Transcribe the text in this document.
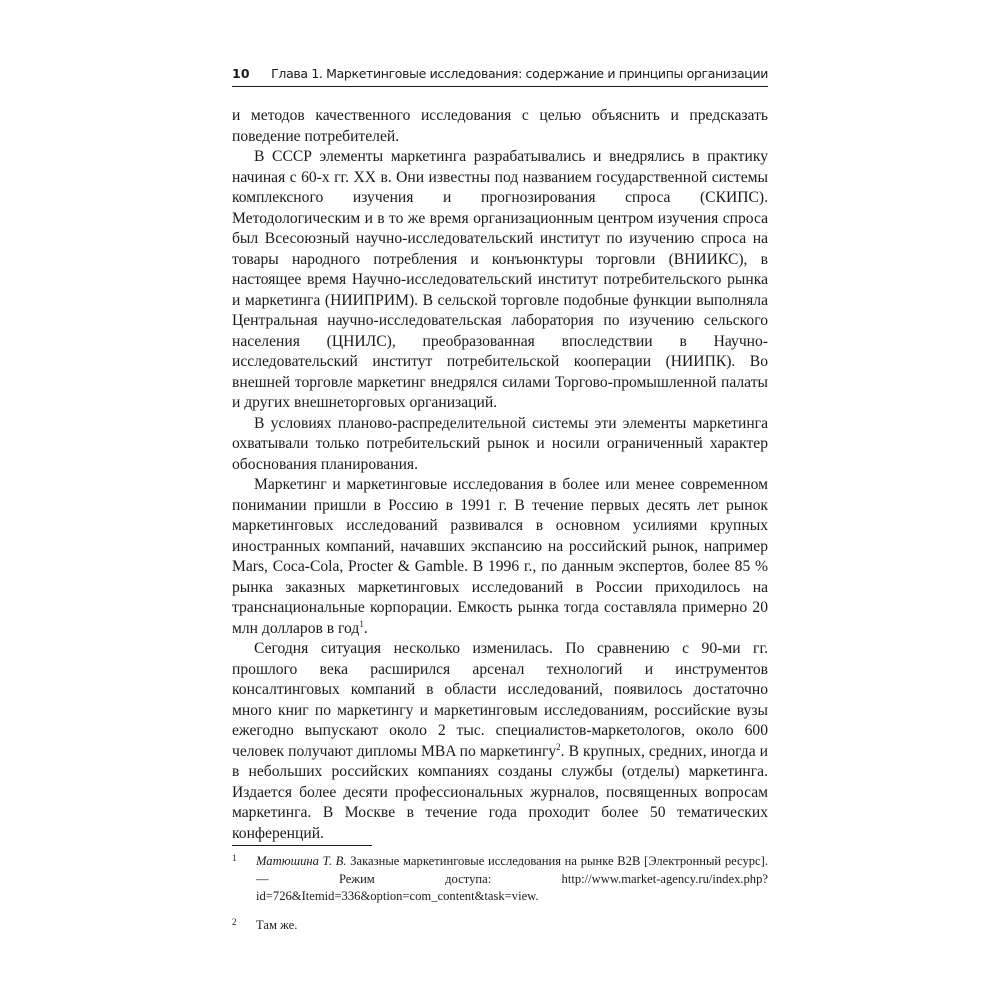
10 Глава 1. Маркетинговые исследования: содержание и принципы организации

и методов качественного исследования с целью объяснить и предсказать поведение потребителей.

В СССР элементы маркетинга разрабатывались и внедрялись в практику начиная с 60-х гг. XX в. Они известны под названием государственной системы комплексного изучения и прогнозирования спроса (СКИПС). Методологическим и в то же время организационным центром изучения спроса был Всесоюзный научно-исследовательский институт по изучению спроса на товары народного потребления и конъюнктуры торговли (ВНИИКС), в настоящее время Научно-исследовательский институт потребительского рынка и маркетинга (НИИПРИМ). В сельской торговле подобные функции выполняла Центральная научно-исследовательская лаборатория по изучению сельского населения (ЦНИЛС), преобразованная впоследствии в Научно-исследовательский институт потребительской кооперации (НИИПК). Во внешней торговле маркетинг внедрялся силами Торгово-промышленной палаты и других внешнеторговых организаций.

В условиях планово-распределительной системы эти элементы маркетинга охватывали только потребительский рынок и носили ограниченный характер обоснования планирования.

Маркетинг и маркетинговые исследования в более или менее современном понимании пришли в Россию в 1991 г. В течение первых десять лет рынок маркетинговых исследований развивался в основном усилиями крупных иностранных компаний, начавших экспансию на российский рынок, например Mars, Coca-Cola, Procter & Gamble. В 1996 г., по данным экспертов, более 85 % рынка заказных маркетинговых исследований в России приходилось на транснациональные корпорации. Емкость рынка тогда составляла примерно 20 млн долларов в год$^1$.

Сегодня ситуация несколько изменилась. По сравнению с 90-ми гг. прошлого века расширился арсенал технологий и инструментов консалтинговых компаний в области исследований, появилось достаточно много книг по маркетингу и маркетинговым исследованиям, российские вузы ежегодно выпускают около 2 тыс. специалистов-маркетологов, около 600 человек получают дипломы MBA по маркетингу$^2$. В крупных, средних, иногда и в небольших российских компаниях созданы службы (отделы) маркетинга. Издается более десяти профессиональных журналов, посвященных вопросам маркетинга. В Москве в течение года проходит более 50 тематических конференций.

1 Матюшина Т. В. Заказные маркетинговые исследования на рынке B2B [Электронный ресурс]. — Режим доступа: http://www.market-agency.ru/index.php?id=726&Itemid=336&option=com_content&task=view.
2 Там же.
